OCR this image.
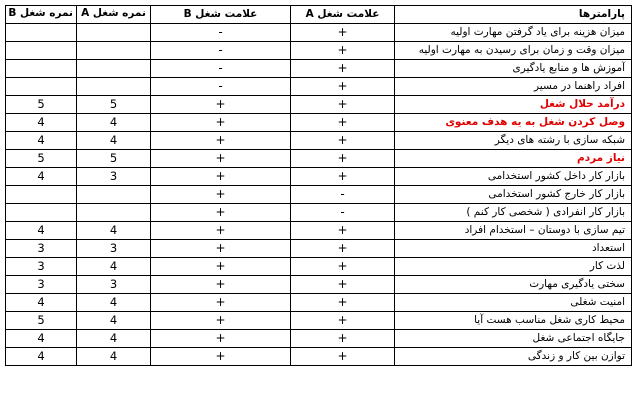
نمره شغل B	نمره شغل A	علامت شغل B	علامت شغل A	پارامترها
		-	+	میزان هزینه برای یاد گرفتن مهارت اولیه
		-	+	میزان وقت و زمان برای رسیدن به مهارت اولیه
		-	+	آموزش ها و منابع یادگیری
		-	+	افراد راهنما در مسیر
5	5	+	+	درآمد حلال شغل
4	4	+	+	وصل کردن شغل به یه هدف معنوی
4	4	+	+	شبکه سازی با رشته های دیگر
5	5	+	+	نیاز مردم
4	3	+	+	بازار کار داخل کشور استخدامی
		+	-	بازار کار خارج کشور استخدامی
		+	-	بازار کار انفرادی ( شخصی کار کنم )
4	4	+	+	تیم سازی با دوستان – استخدام افراد
3	3	+	+	استعداد
3	4	+	+	لذت کار
3	3	+	+	سختی یادگیری مهارت
4	4	+	+	امنیت شغلی
5	4	+	+	محیط کاری شغل مناسب هست آیا
4	4	+	+	جایگاه اجتماعی شغل
4	4	+	+	توازن بین کار و زندگی
